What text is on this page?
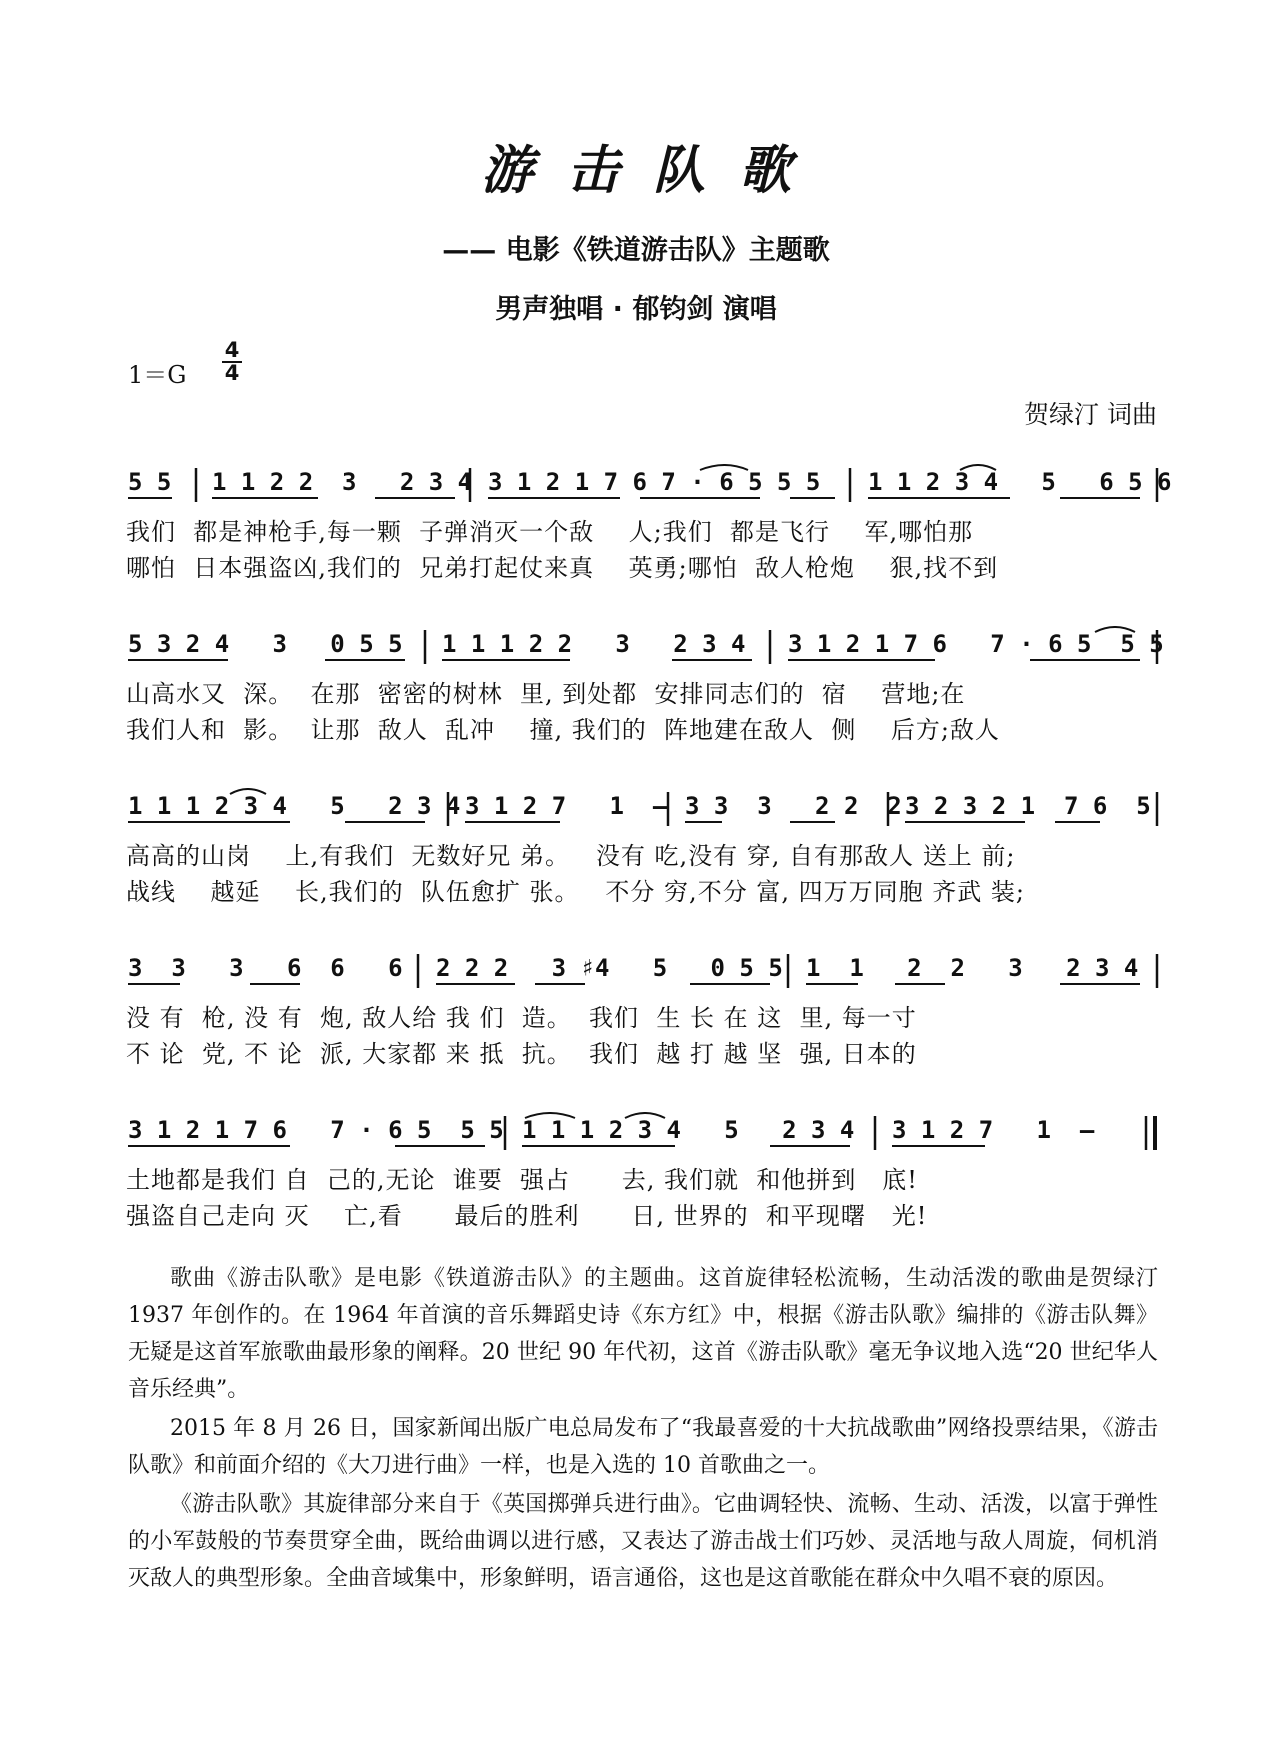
游击队歌
—— 电影《铁道游击队》主题歌
男声独唱 · 郁钧剑 演唱
1＝G
4
4
贺绿汀 词曲
5 5 1 1 2 2  3   2 3 4 3 1 2 1 7 6 7 · 6 5 5 5 1 1 2 3 4   5   6 5 6
我们  都是神枪手,每一颗  子弹消灭一个敌    人;我们  都是飞行    军,哪怕那
哪怕  日本强盗凶,我们的  兄弟打起仗来真    英勇;哪怕  敌人枪炮    狠,找不到
5 3 2 4   3   0 5 5 1 1 1 2 2   3   2 3 4 3 1 2 1 7 6   7 · 6 5  5 5
山高水又  深。  在那  密密的树林  里, 到处都  安排同志们的  宿    营地;在
我们人和  影。  让那  敌人  乱冲    撞, 我们的  阵地建在敌人  侧    后方;敌人
1 1 1 2 3 4   5   2 3 4 3 1 2 7   1  – 3 3  3   2 2  2 3 2 3 2 1  7 6  5
高高的山岗    上,有我们  无数好兄 弟。   没有 吃,没有 穿, 自有那敌人 送上 前;
战线    越延    长,我们的  队伍愈扩 张。   不分 穷,不分 富, 四万万同胞 齐武 装;
3  3   3   6  6   6 2 2 2   3 ♯4   5   0 5 5 1  1   2  2   3   2 3 4
没 有  枪, 没 有  炮, 敌人给 我 们  造。  我们  生 长 在 这  里, 每一寸
不 论  党, 不 论  派, 大家都 来 抵  抗。  我们  越 打 越 坚  强, 日本的
3 1 2 1 7 6   7 · 6 5  5 5 1 1 1 2 3 4   5   2 3 4 3 1 2 7   1  –
土地都是我们 自  己的,无论  谁要  强占      去, 我们就  和他拼到   底!
强盗自己走向 灭    亡,看      最后的胜利      日, 世界的  和平现曙   光!
歌曲《游击队歌》是电影《铁道游击队》的主题曲。这首旋律轻松流畅，生动活泼的歌曲是贺绿汀 1937 年创作的。在 1964 年首演的音乐舞蹈史诗《东方红》中，根据《游击队歌》编排的《游击队舞》无疑是这首军旅歌曲最形象的阐释。20 世纪 90 年代初，这首《游击队歌》毫无争议地入选“20 世纪华人音乐经典”。
2015 年 8 月 26 日，国家新闻出版广电总局发布了“我最喜爱的十大抗战歌曲”网络投票结果，《游击队歌》和前面介绍的《大刀进行曲》一样，也是入选的 10 首歌曲之一。
《游击队歌》其旋律部分来自于《英国掷弹兵进行曲》。它曲调轻快、流畅、生动、活泼，以富于弹性的小军鼓般的节奏贯穿全曲，既给曲调以进行感，又表达了游击战士们巧妙、灵活地与敌人周旋，伺机消灭敌人的典型形象。全曲音域集中，形象鲜明，语言通俗，这也是这首歌能在群众中久唱不衰的原因。
